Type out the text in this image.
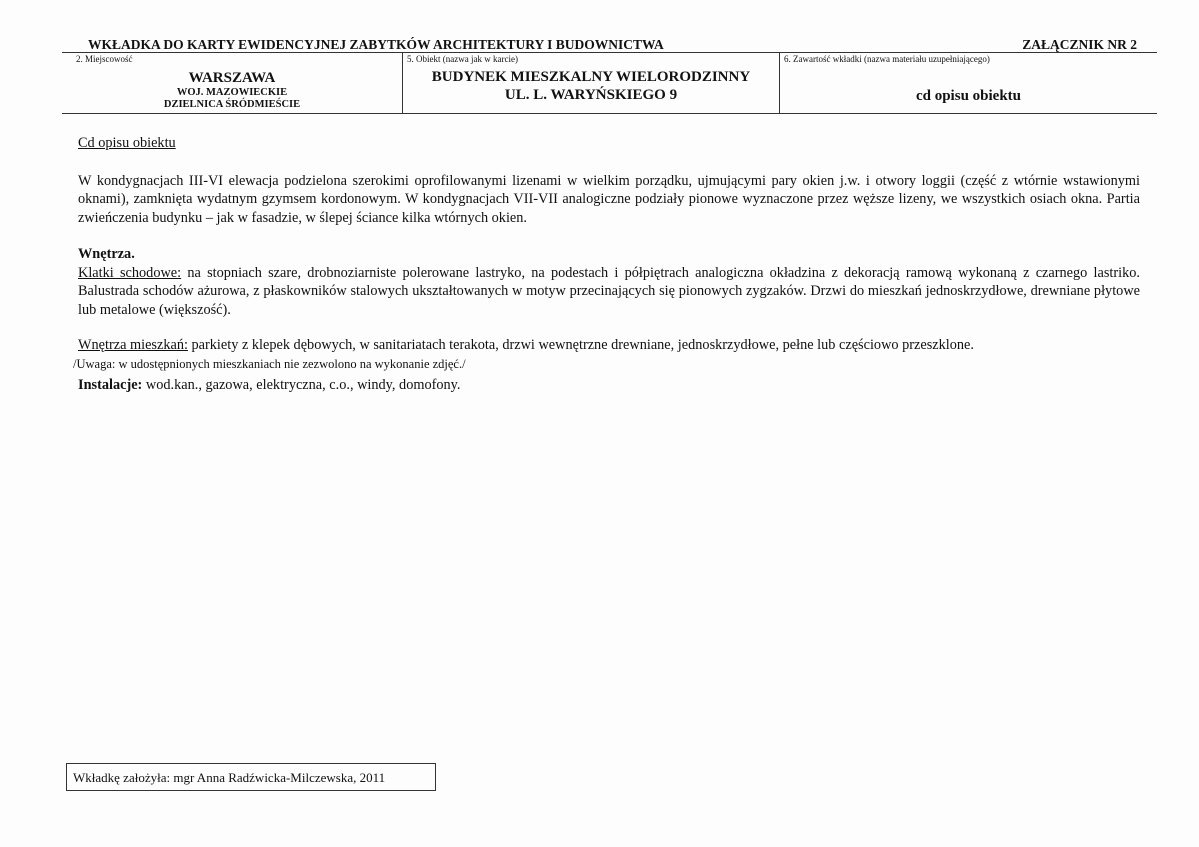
WKŁADKA DO KARTY EWIDENCYJNEJ ZABYTKÓW ARCHITEKTURY I BUDOWNICTWA	ZAŁĄCZNIK NR 2
2. Miejscowość
WARSZAWA
WOJ. MAZOWIECKIE
DZIELNICA ŚRÓDMIEŚCIE
5. Obiekt (nazwa jak w karcie)
BUDYNEK MIESZKALNY WIELORODZINNY
UL. L. WARYŃSKIEGO 9
6. Zawartość wkładki (nazwa materiału uzupełniającego)
cd opisu obiektu

Cd opisu obiektu

W kondygnacjach III-VI elewacja podzielona szerokimi oprofilowanymi lizenami w wielkim porządku, ujmującymi pary okien j.w. i otwory loggii (część z wtórnie wstawionymi oknami), zamknięta wydatnym gzymsem kordonowym. W kondygnacjach VII-VII analogiczne podziały pionowe wyznaczone przez węższe lizeny, we wszystkich osiach okna. Partia zwieńczenia budynku – jak w fasadzie, w ślepej ściance kilka wtórnych okien.

Wnętrza.

Klatki schodowe: na stopniach szare, drobnoziarniste polerowane lastryko, na podestach i półpiętrach analogiczna okładzina z dekoracją ramową wykonaną z czarnego lastriko. Balustrada schodów ażurowa, z płaskowników stalowych ukształtowanych w motyw przecinających się pionowych zygzaków. Drzwi do mieszkań jednoskrzydłowe, drewniane płytowe lub metalowe (większość).

Wnętrza mieszkań: parkiety z klepek dębowych, w sanitariatach terakota, drzwi wewnętrzne drewniane, jednoskrzydłowe, pełne lub częściowo przeszklone.

/Uwaga: w udostępnionych mieszkaniach nie zezwolono na wykonanie zdjęć./

Instalacje: wod.kan., gazowa, elektryczna, c.o., windy, domofony.

Wkładkę założyła: mgr Anna Radźwicka-Milczewska, 2011
